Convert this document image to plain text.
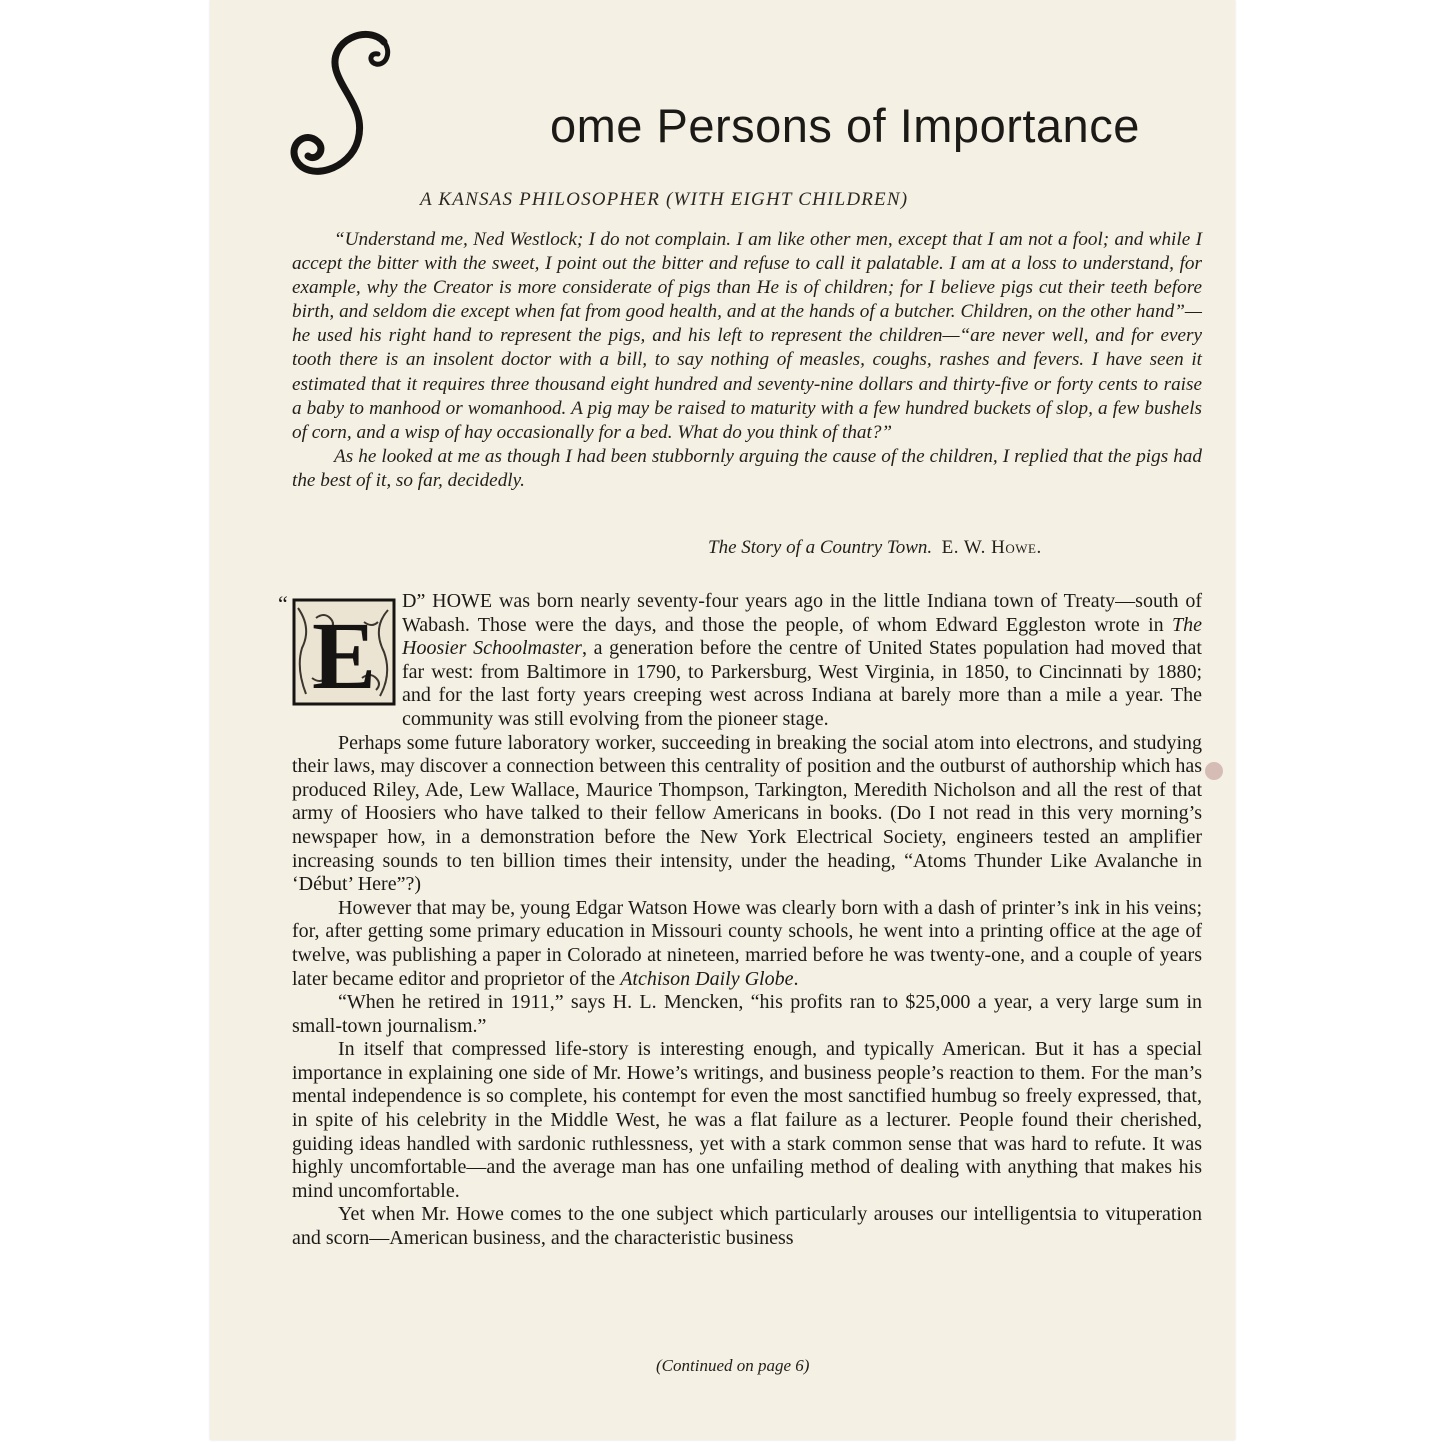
S
ome Persons of Importance
A KANSAS PHILOSOPHER (WITH EIGHT CHILDREN)

“Understand me, Ned Westlock; I do not complain. I am like other men, except that I am not a fool; and while I accept the bitter with the sweet, I point out the bitter and refuse to call it palatable. I am at a loss to understand, for example, why the Creator is more considerate of pigs than He is of children; for I believe pigs cut their teeth before birth, and seldom die except when fat from good health, and at the hands of a butcher. Children, on the other hand”—he used his right hand to represent the pigs, and his left to represent the children—“are never well, and for every tooth there is an insolent doctor with a bill, to say nothing of measles, coughs, rashes and fevers. I have seen it estimated that it requires three thousand eight hundred and seventy-nine dollars and thirty-five or forty cents to raise a baby to manhood or womanhood. A pig may be raised to maturity with a few hundred buckets of slop, a few bushels of corn, and a wisp of hay occasionally for a bed. What do you think of that?”

As he looked at me as though I had been stubbornly arguing the cause of the children, I replied that the pigs had the best of it, so far, decidedly.

The Story of a Country Town. E. W. Howe.

“ E
D” HOWE was born nearly seventy-four years ago in the little Indiana town of Treaty—south of Wabash. Those were the days, and those the people, of whom Edward Eggleston wrote in The Hoosier Schoolmaster, a generation before the centre of United States population had moved that far west: from Baltimore in 1790, to Parkersburg, West Virginia, in 1850, to Cincinnati by 1880; and for the last forty years creeping west across Indiana at barely more than a mile a year. The community was still evolving from the pioneer stage.

Perhaps some future laboratory worker, succeeding in breaking the social atom into electrons, and studying their laws, may discover a connection between this centrality of position and the outburst of authorship which has produced Riley, Ade, Lew Wallace, Maurice Thompson, Tarkington, Meredith Nicholson and all the rest of that army of Hoosiers who have talked to their fellow Americans in books. (Do I not read in this very morning’s newspaper how, in a demonstration before the New York Electrical Society, engineers tested an amplifier increasing sounds to ten billion times their intensity, under the heading, “Atoms Thunder Like Avalanche in ‘Début’ Here”?)

However that may be, young Edgar Watson Howe was clearly born with a dash of printer’s ink in his veins; for, after getting some primary education in Missouri county schools, he went into a printing office at the age of twelve, was publishing a paper in Colorado at nineteen, married before he was twenty-one, and a couple of years later became editor and proprietor of the Atchison Daily Globe.

“When he retired in 1911,” says H. L. Mencken, “his profits ran to $25,000 a year, a very large sum in small-town journalism.”

In itself that compressed life-story is interesting enough, and typically American. But it has a special importance in explaining one side of Mr. Howe’s writings, and business people’s reaction to them. For the man’s mental independence is so complete, his contempt for even the most sanctified humbug so freely expressed, that, in spite of his celebrity in the Middle West, he was a flat failure as a lecturer. People found their cherished, guiding ideas handled with sardonic ruthlessness, yet with a stark common sense that was hard to refute. It was highly uncomfortable—and the average man has one unfailing method of dealing with anything that makes his mind uncomfortable.

Yet when Mr. Howe comes to the one subject which particularly arouses our intelligentsia to vituperation and scorn—American business, and the characteristic business

(Continued on page 6)
